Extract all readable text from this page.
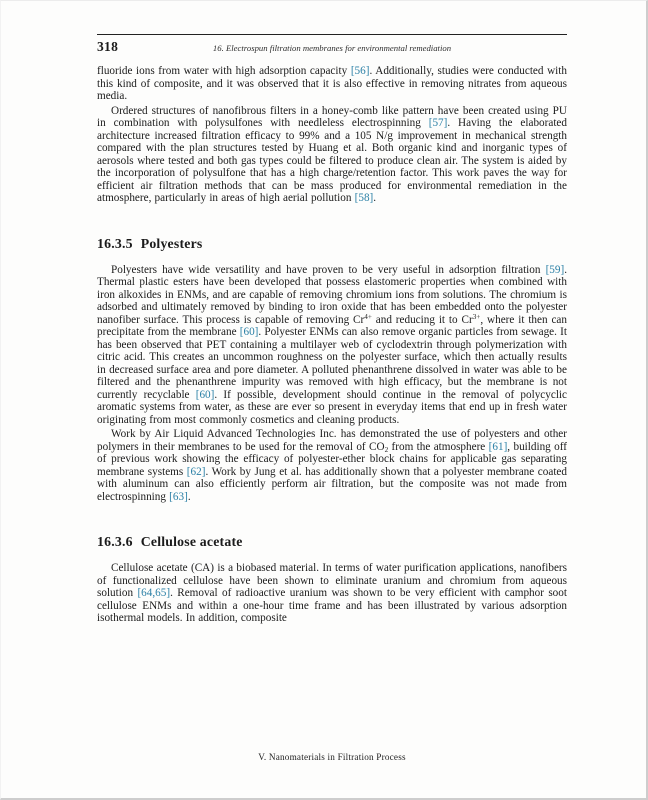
318	16. Electrospun filtration membranes for environmental remediation

fluoride ions from water with high adsorption capacity [56]. Additionally, studies were conducted with this kind of composite, and it was observed that it is also effective in removing nitrates from aqueous media.

Ordered structures of nanofibrous filters in a honey-comb like pattern have been created using PU in combination with polysulfones with needleless electrospinning [57]. Having the elaborated architecture increased filtration efficacy to 99% and a 105 N/g improvement in mechanical strength compared with the plan structures tested by Huang et al. Both organic kind and inorganic types of aerosols where tested and both gas types could be filtered to produce clean air. The system is aided by the incorporation of polysulfone that has a high charge/retention factor. This work paves the way for efficient air filtration methods that can be mass produced for environmental remediation in the atmosphere, particularly in areas of high aerial pollution [58].

16.3.5 Polyesters

Polyesters have wide versatility and have proven to be very useful in adsorption filtration [59]. Thermal plastic esters have been developed that possess elastomeric properties when combined with iron alkoxides in ENMs, and are capable of removing chromium ions from solutions. The chromium is adsorbed and ultimately removed by binding to iron oxide that has been embedded onto the polyester nanofiber surface. This process is capable of removing $Cr^{4+}$ and reducing it to $Cr^{3+}$, where it then can precipitate from the membrane [60]. Polyester ENMs can also remove organic particles from sewage. It has been observed that PET containing a multilayer web of cyclodextrin through polymerization with citric acid. This creates an uncommon roughness on the polyester surface, which then actually results in decreased surface area and pore diameter. A polluted phenanthrene dissolved in water was able to be filtered and the phenanthrene impurity was removed with high efficacy, but the membrane is not currently recyclable [60]. If possible, development should continue in the removal of polycyclic aromatic systems from water, as these are ever so present in everyday items that end up in fresh water originating from most commonly cosmetics and cleaning products.

Work by Air Liquid Advanced Technologies Inc. has demonstrated the use of polyesters and other polymers in their membranes to be used for the removal of $CO_2$ from the atmosphere [61], building off of previous work showing the efficacy of polyester-ether block chains for applicable gas separating membrane systems [62]. Work by Jung et al. has additionally shown that a polyester membrane coated with aluminum can also efficiently perform air filtration, but the composite was not made from electrospinning [63].

16.3.6 Cellulose acetate

Cellulose acetate (CA) is a biobased material. In terms of water purification applications, nanofibers of functionalized cellulose have been shown to eliminate uranium and chromium from aqueous solution [64,65]. Removal of radioactive uranium was shown to be very efficient with camphor soot cellulose ENMs and within a one-hour time frame and has been illustrated by various adsorption isothermal models. In addition, composite

V. Nanomaterials in Filtration Process
